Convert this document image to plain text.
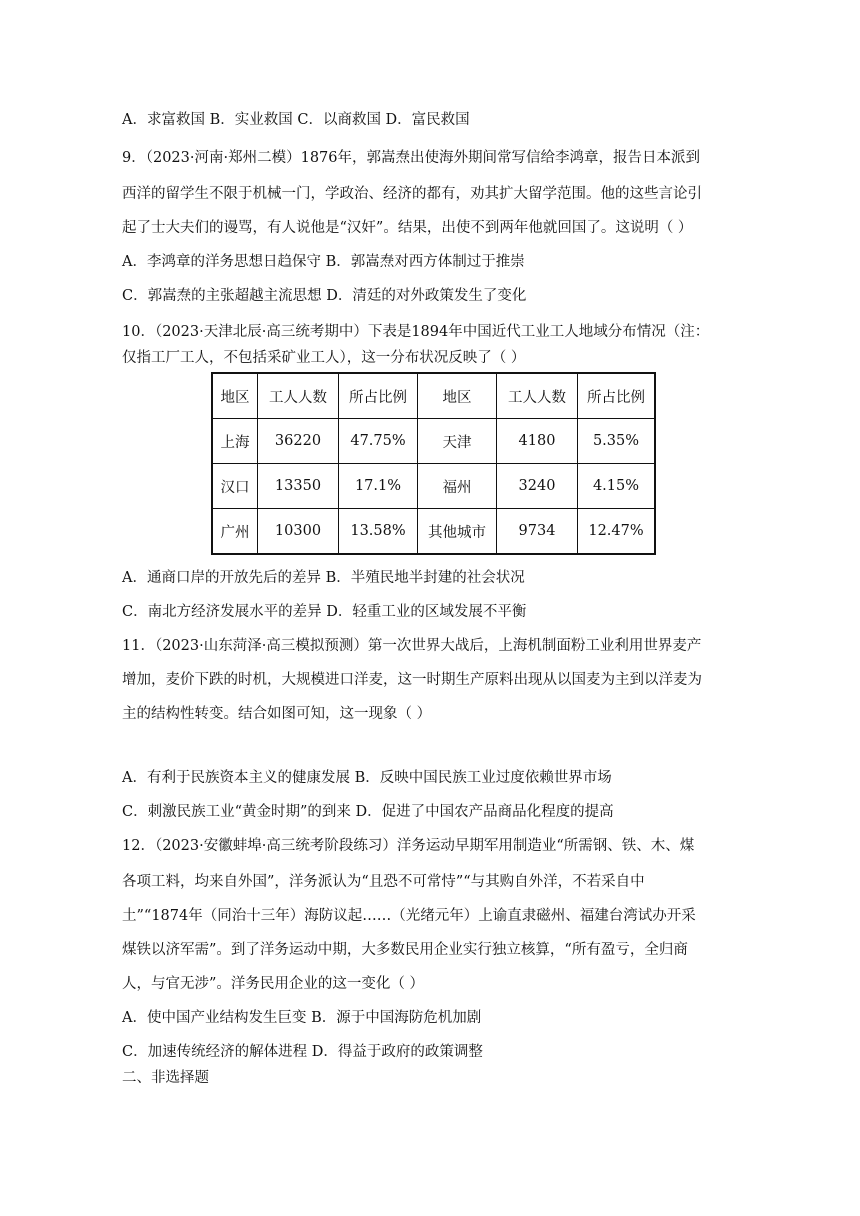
A．求富救国 B．实业救国 C．以商救国 D．富民救国
9．（2023·河南·郑州二模）1876年，郭嵩焘出使海外期间常写信给李鸿章，报告日本派到
西洋的留学生不限于机械一门，学政治、经济的都有，劝其扩大留学范围。他的这些言论引
起了士大夫们的谩骂，有人说他是“汉奸”。结果，出使不到两年他就回国了。这说明（ ）
A．李鸿章的洋务思想日趋保守 B．郭嵩焘对西方体制过于推崇
C．郭嵩焘的主张超越主流思想 D．清廷的对外政策发生了变化
10．（2023·天津北辰·高三统考期中）下表是1894年中国近代工业工人地域分布情况（注：
仅指工厂工人，不包括采矿业工人），这一分布状况反映了（ ）
地区	工人人数	所占比例	地区	工人人数	所占比例
上海	36220	47.75%	天津	4180	5.35%
汉口	13350	17.1%	福州	3240	4.15%
广州	10300	13.58%	其他城市	9734	12.47%
A．通商口岸的开放先后的差异 B．半殖民地半封建的社会状况
C．南北方经济发展水平的差异 D．轻重工业的区域发展不平衡
11．（2023·山东菏泽·高三模拟预测）第一次世界大战后，上海机制面粉工业利用世界麦产
增加，麦价下跌的时机，大规模进口洋麦，这一时期生产原料出现从以国麦为主到以洋麦为
主的结构性转变。结合如图可知，这一现象（ ）
A．有利于民族资本主义的健康发展 B．反映中国民族工业过度依赖世界市场
C．刺激民族工业“黄金时期”的到来 D．促进了中国农产品商品化程度的提高
12．（2023·安徽蚌埠·高三统考阶段练习）洋务运动早期军用制造业“所需钢、铁、木、煤
各项工料，均来自外国”，洋务派认为“且恐不可常恃”“与其购自外洋，不若采自中
土”“1874年（同治十三年）海防议起……（光绪元年）上谕直隶磁州、福建台湾试办开采
煤铁以济军需”。到了洋务运动中期，大多数民用企业实行独立核算，“所有盈亏，全归商
人，与官无涉”。洋务民用企业的这一变化（ ）
A．使中国产业结构发生巨变 B．源于中国海防危机加剧
C．加速传统经济的解体进程 D．得益于政府的政策调整
二、非选择题
